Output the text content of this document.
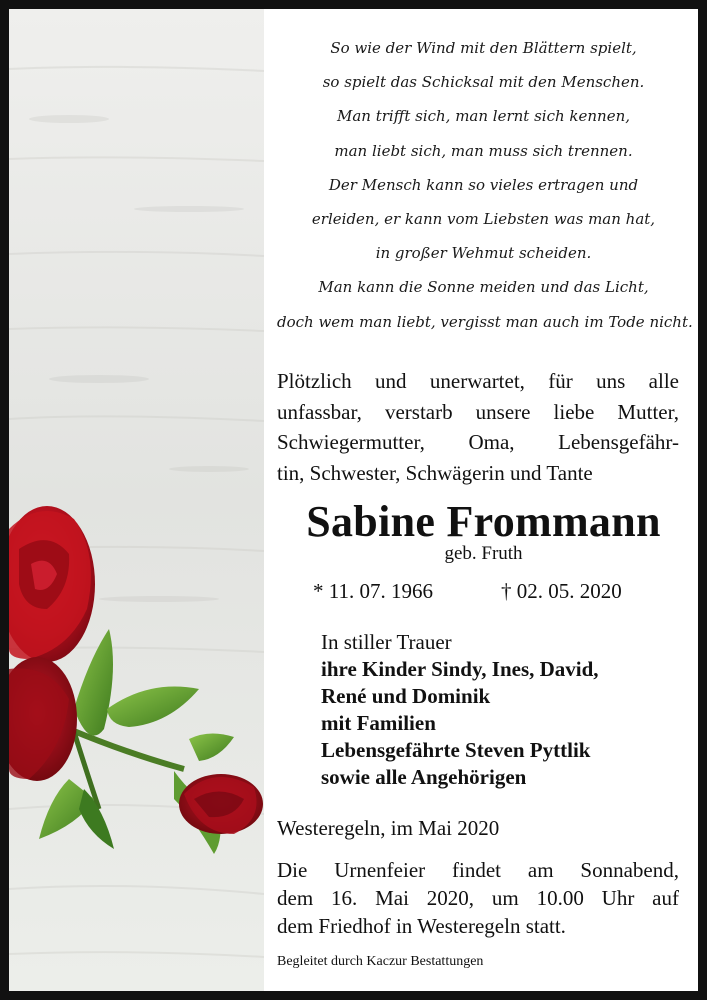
So wie der Wind mit den Blättern spielt,
so spielt das Schicksal mit den Menschen.
Man trifft sich, man lernt sich kennen,
man liebt sich, man muss sich trennen.
Der Mensch kann so vieles ertragen und
erleiden, er kann vom Liebsten was man hat,
in großer Wehmut scheiden.
Man kann die Sonne meiden und das Licht,
doch wem man liebt, vergisst man auch im Tode nicht.
Plötzlich und unerwartet, für uns alle
unfassbar, verstarb unsere liebe Mutter,
Schwiegermutter, Oma, Lebensgefähr-
tin, Schwester, Schwägerin und Tante
Sabine Frommann
geb. Fruth
* 11. 07. 1966	† 02. 05. 2020
In stiller Trauer
ihre Kinder Sindy, Ines, David,
René und Dominik
mit Familien
Lebensgefährte Steven Pyttlik
sowie alle Angehörigen
Westeregeln, im Mai 2020
Die Urnenfeier findet am Sonnabend,
dem 16. Mai 2020, um 10.00 Uhr auf
dem Friedhof in Westeregeln statt.
Begleitet durch Kaczur Bestattungen
